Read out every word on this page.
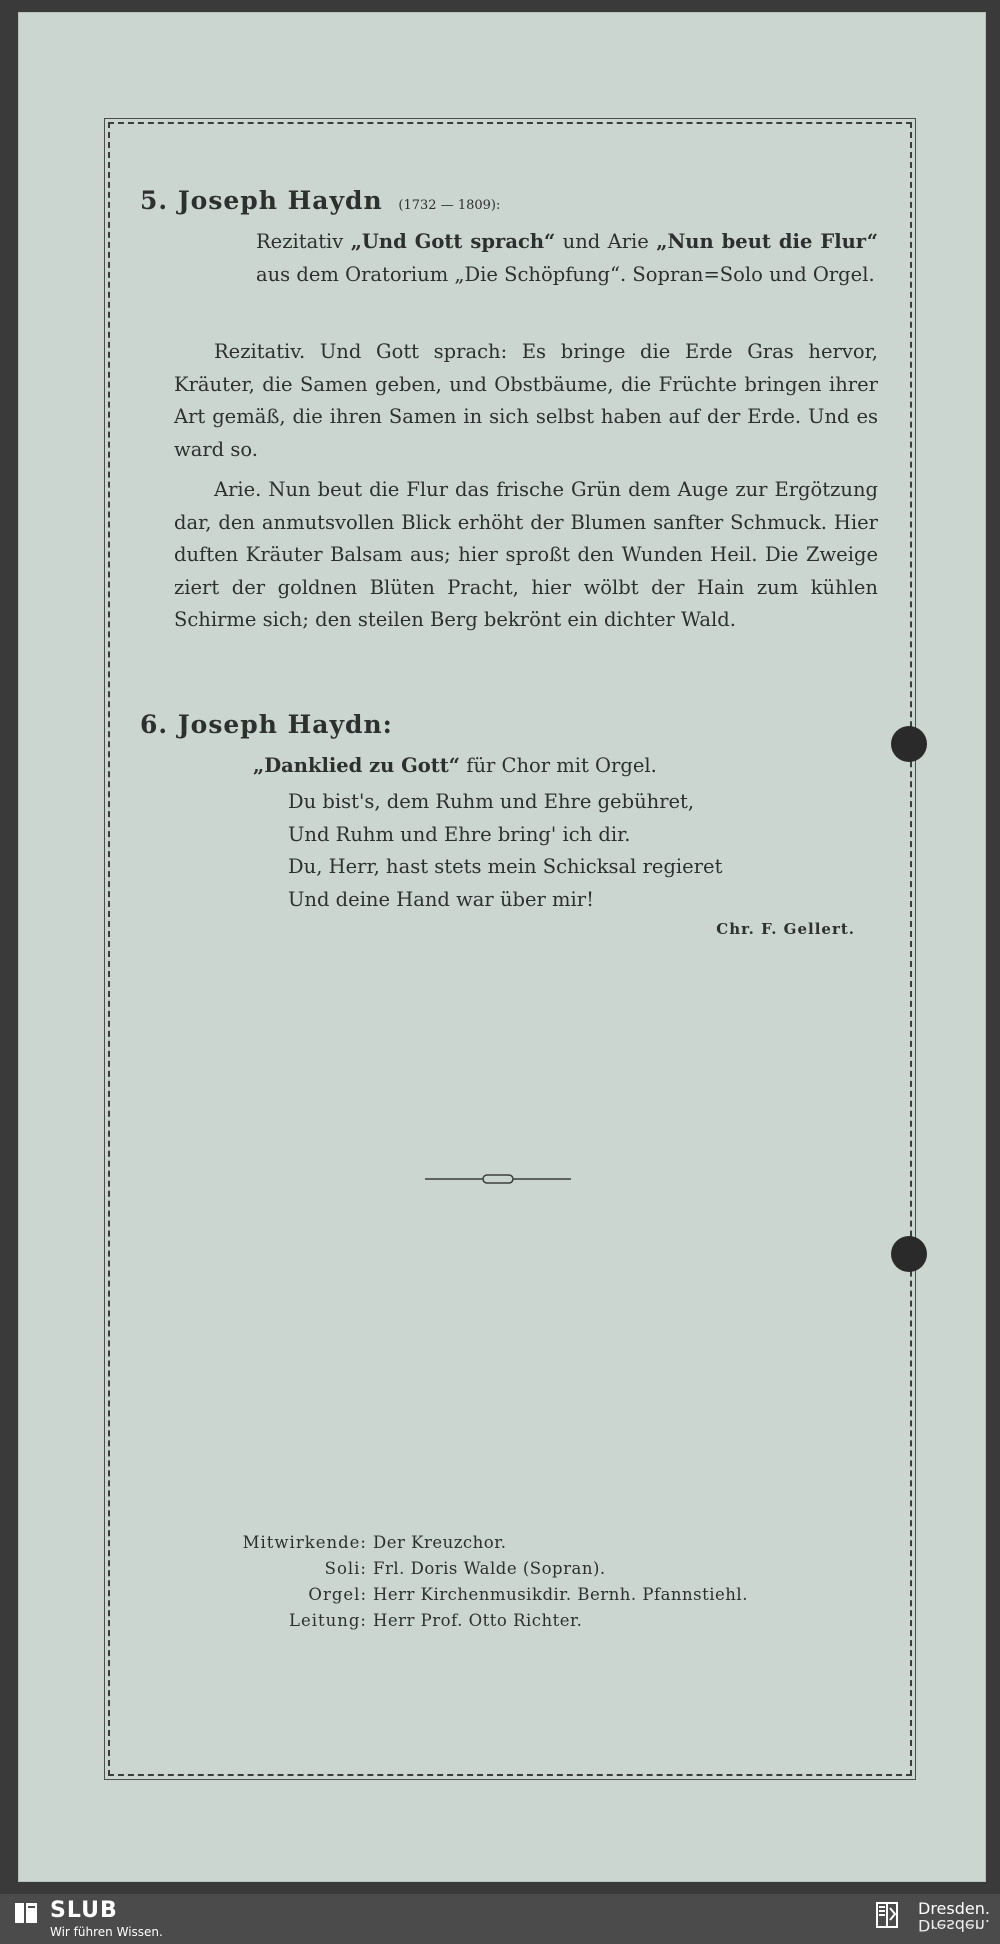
5. Joseph Haydn (1732 — 1809):
Rezitativ „Und Gott sprach“ und Arie „Nun beut die Flur“ aus dem Oratorium „Die Schöpfung“. Sopran=Solo und Orgel.
Rezitativ. Und Gott sprach: Es bringe die Erde Gras hervor, Kräuter, die Samen geben, und Obstbäume, die Früchte bringen ihrer Art gemäß, die ihren Samen in sich selbst haben auf der Erde. Und es ward so.
Arie. Nun beut die Flur das frische Grün dem Auge zur Ergötzung dar, den anmutsvollen Blick erhöht der Blumen sanfter Schmuck. Hier duften Kräuter Balsam aus; hier sproßt den Wunden Heil. Die Zweige ziert der goldnen Blüten Pracht, hier wölbt der Hain zum kühlen Schirme sich; den steilen Berg bekrönt ein dichter Wald.
6. Joseph Haydn:
„Danklied zu Gott“ für Chor mit Orgel.
Du bist's, dem Ruhm und Ehre gebühret,
Und Ruhm und Ehre bring' ich dir.
Du, Herr, hast stets mein Schicksal regieret
Und deine Hand war über mir!
Chr. F. Gellert.
Mitwirkende: Der Kreuzchor.
Soli: Frl. Doris Walde (Sopran).
Orgel: Herr Kirchenmusikdir. Bernh. Pfannstiehl.
Leitung: Herr Prof. Otto Richter.
SLUB
Wir führen Wissen.
Dresden.
Dresden.
